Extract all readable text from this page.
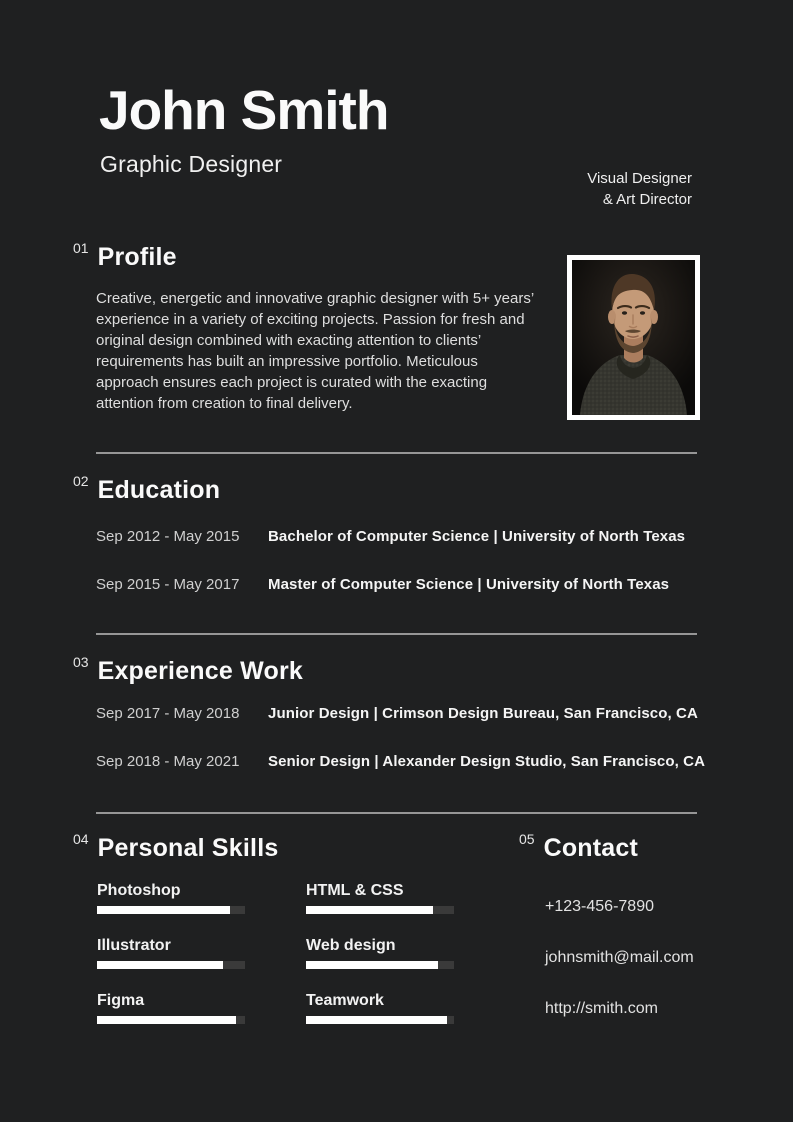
John Smith
Graphic Designer
Visual Designer
& Art Director
01 Profile
Creative, energetic and innovative graphic designer with 5+ years’ experience in a variety of exciting projects. Passion for fresh and original design combined with exacting attention to clients’ requirements has built an impressive portfolio. Meticulous approach ensures each project is curated with the exacting attention from creation to final delivery.
02 Education
Sep 2012 - May 2015	Bachelor of Computer Science | University of North Texas
Sep 2015 - May 2017	Master of Computer Science | University of North Texas
03 Experience Work
Sep 2017 - May 2018	Junior Design | Crimson Design Bureau, San Francisco, CA
Sep 2018 - May 2021	Senior Design | Alexander Design Studio, San Francisco, CA
04 Personal Skills
Photoshop
Illustrator
Figma
HTML & CSS
Web design
Teamwork
05 Contact
+123-456-7890
johnsmith@mail.com
http://smith.com
